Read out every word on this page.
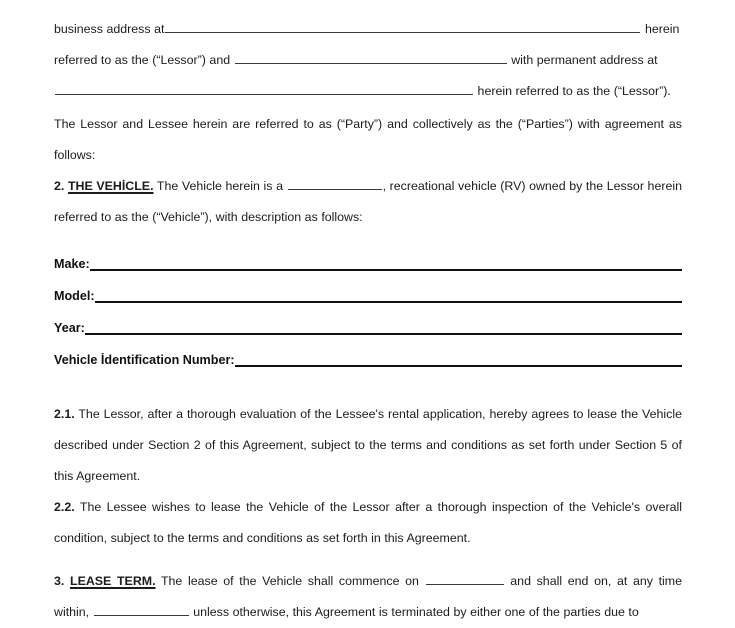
business address at	herein

referred to as the (“Lessor”) and	with permanent address at

herein referred to as the (“Lessor”).

The Lessor and Lessee herein are referred to as (“Party”) and collectively as the (“Parties”) with agreement as follows:

2. THE VEHİCLE. The Vehicle herein is a	, recreational vehicle (RV) owned by the Lessor herein referred to as the (“Vehicle”), with description as follows:

Make:
Model:
Year:
Vehicle İdentification Number:

2.1. The Lessor, after a thorough evaluation of the Lessee's rental application, hereby agrees to lease the Vehicle described under Section 2 of this Agreement, subject to the terms and conditions as set forth under Section 5 of this Agreement.

2.2. The Lessee wishes to lease the Vehicle of the Lessor after a thorough inspection of the Vehicle's overall condition, subject to the terms and conditions as set forth in this Agreement.

3. LEASE TERM. The lease of the Vehicle shall commence on	and shall end on, at any time within,	unless otherwise, this Agreement is terminated by either one of the parties due to
